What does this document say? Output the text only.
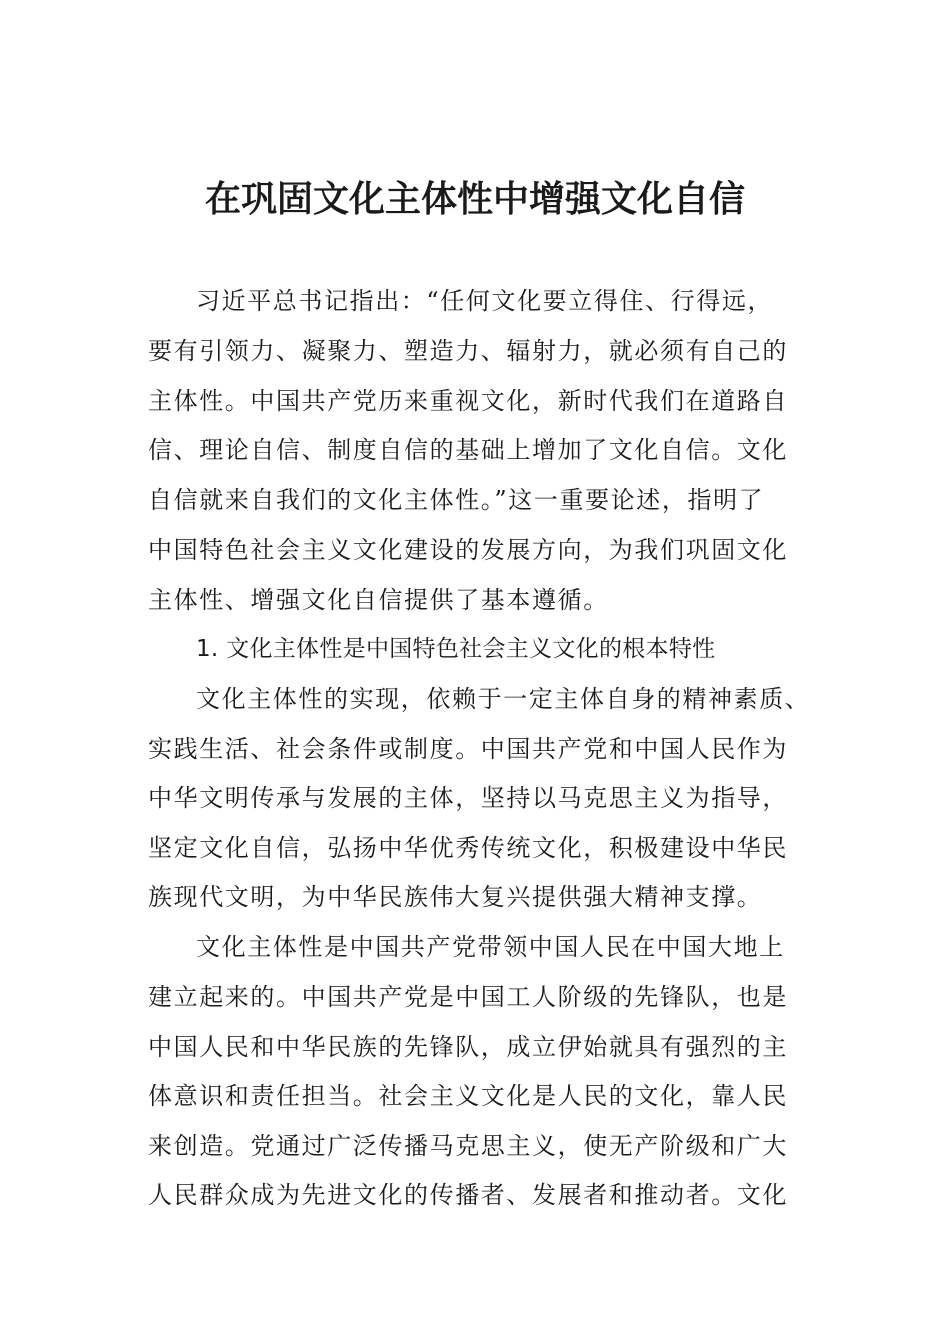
在巩固文化主体性中增强文化自信
习近平总书记指出：“任何文化要立得住、行得远，
要有引领力、凝聚力、塑造力、辐射力，就必须有自己的
主体性。中国共产党历来重视文化，新时代我们在道路自
信、理论自信、制度自信的基础上增加了文化自信。文化
自信就来自我们的文化主体性。”这一重要论述，指明了
中国特色社会主义文化建设的发展方向，为我们巩固文化
主体性、增强文化自信提供了基本遵循。
1. 文化主体性是中国特色社会主义文化的根本特性
文化主体性的实现，依赖于一定主体自身的精神素质、
实践生活、社会条件或制度。中国共产党和中国人民作为
中华文明传承与发展的主体，坚持以马克思主义为指导，
坚定文化自信，弘扬中华优秀传统文化，积极建设中华民
族现代文明，为中华民族伟大复兴提供强大精神支撑。
文化主体性是中国共产党带领中国人民在中国大地上
建立起来的。中国共产党是中国工人阶级的先锋队，也是
中国人民和中华民族的先锋队，成立伊始就具有强烈的主
体意识和责任担当。社会主义文化是人民的文化，靠人民
来创造。党通过广泛传播马克思主义，使无产阶级和广大
人民群众成为先进文化的传播者、发展者和推动者。文化
